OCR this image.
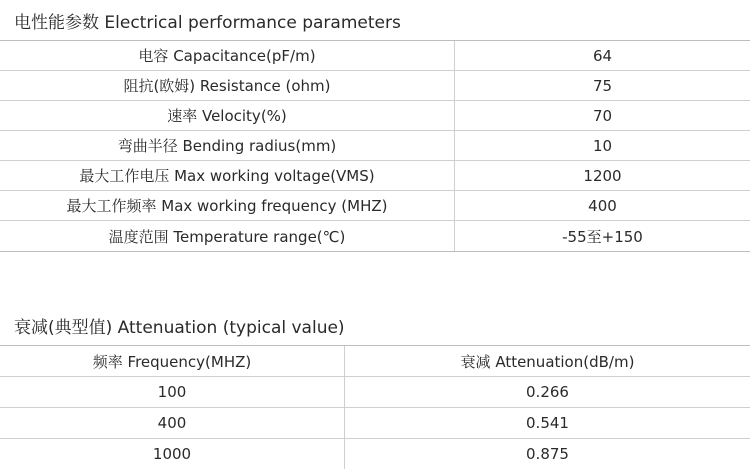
电性能参数 Electrical performance parameters
电容 Capacitance(pF/m)	64
阻抗(欧姆) Resistance (ohm)	75
速率 Velocity(%)	70
弯曲半径 Bending radius(mm)	10
最大工作电压 Max working voltage(VMS)	1200
最大工作频率 Max working frequency (MHZ)	400
温度范围 Temperature range(℃)	-55至+150
衰减(典型值) Attenuation (typical value)
频率 Frequency(MHZ)	衰减 Attenuation(dB/m)
100	0.266
400	0.541
1000	0.875
